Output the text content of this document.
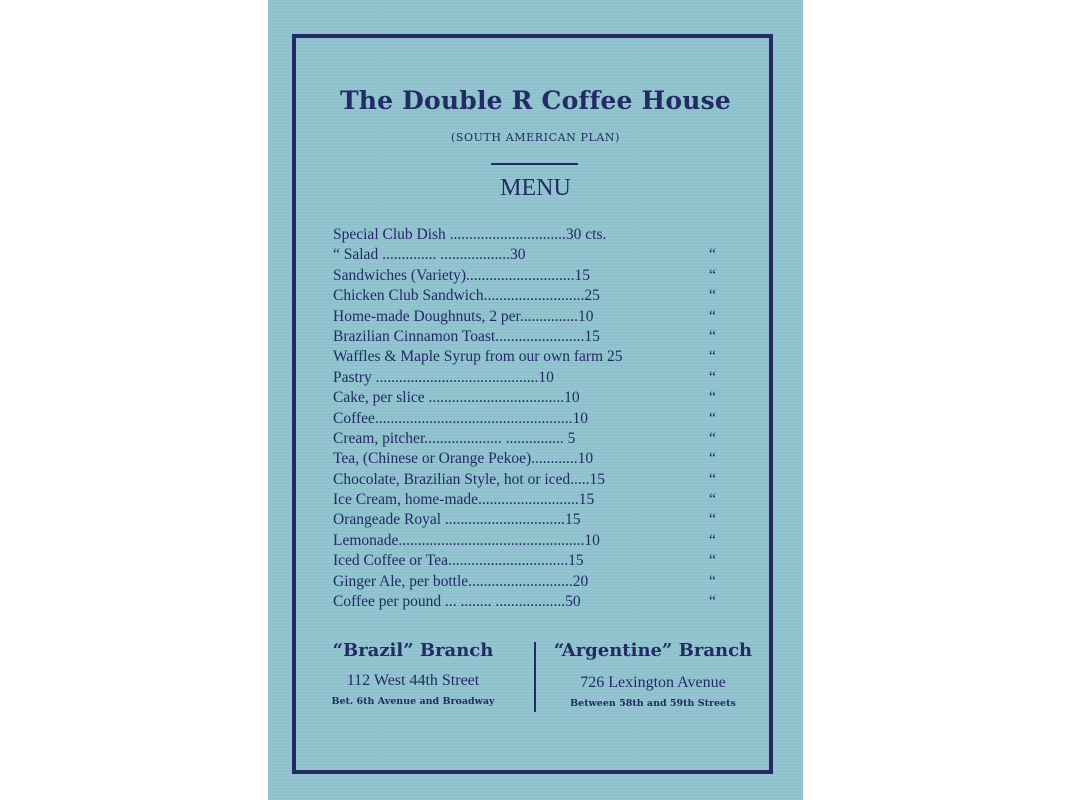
The Double R Coffee House
(SOUTH AMERICAN PLAN)
MENU
Special Club Dish ..............................30 cts.
“ Salad .............. ..................30	“
Sandwiches (Variety)............................15	“
Chicken Club Sandwich..........................25	“
Home-made Doughnuts, 2 per...............10	“
Brazilian Cinnamon Toast.......................15	“
Waffles & Maple Syrup from our own farm 25	“
Pastry ..........................................10	“
Cake, per slice ...................................10	“
Coffee...................................................10	“
Cream, pitcher.................... ............... 5	“
Tea, (Chinese or Orange Pekoe)............10	“
Chocolate, Brazilian Style, hot or iced.....15	“
Ice Cream, home-made..........................15	“
Orangeade Royal ...............................15	“
Lemonade................................................10	“
Iced Coffee or Tea...............................15	“
Ginger Ale, per bottle...........................20	“
Coffee per pound ... ........ ..................50	“
“Brazil” Branch
112 West 44th Street
Bet. 6th Avenue and Broadway
“Argentine” Branch
726 Lexington Avenue
Between 58th and 59th Streets
